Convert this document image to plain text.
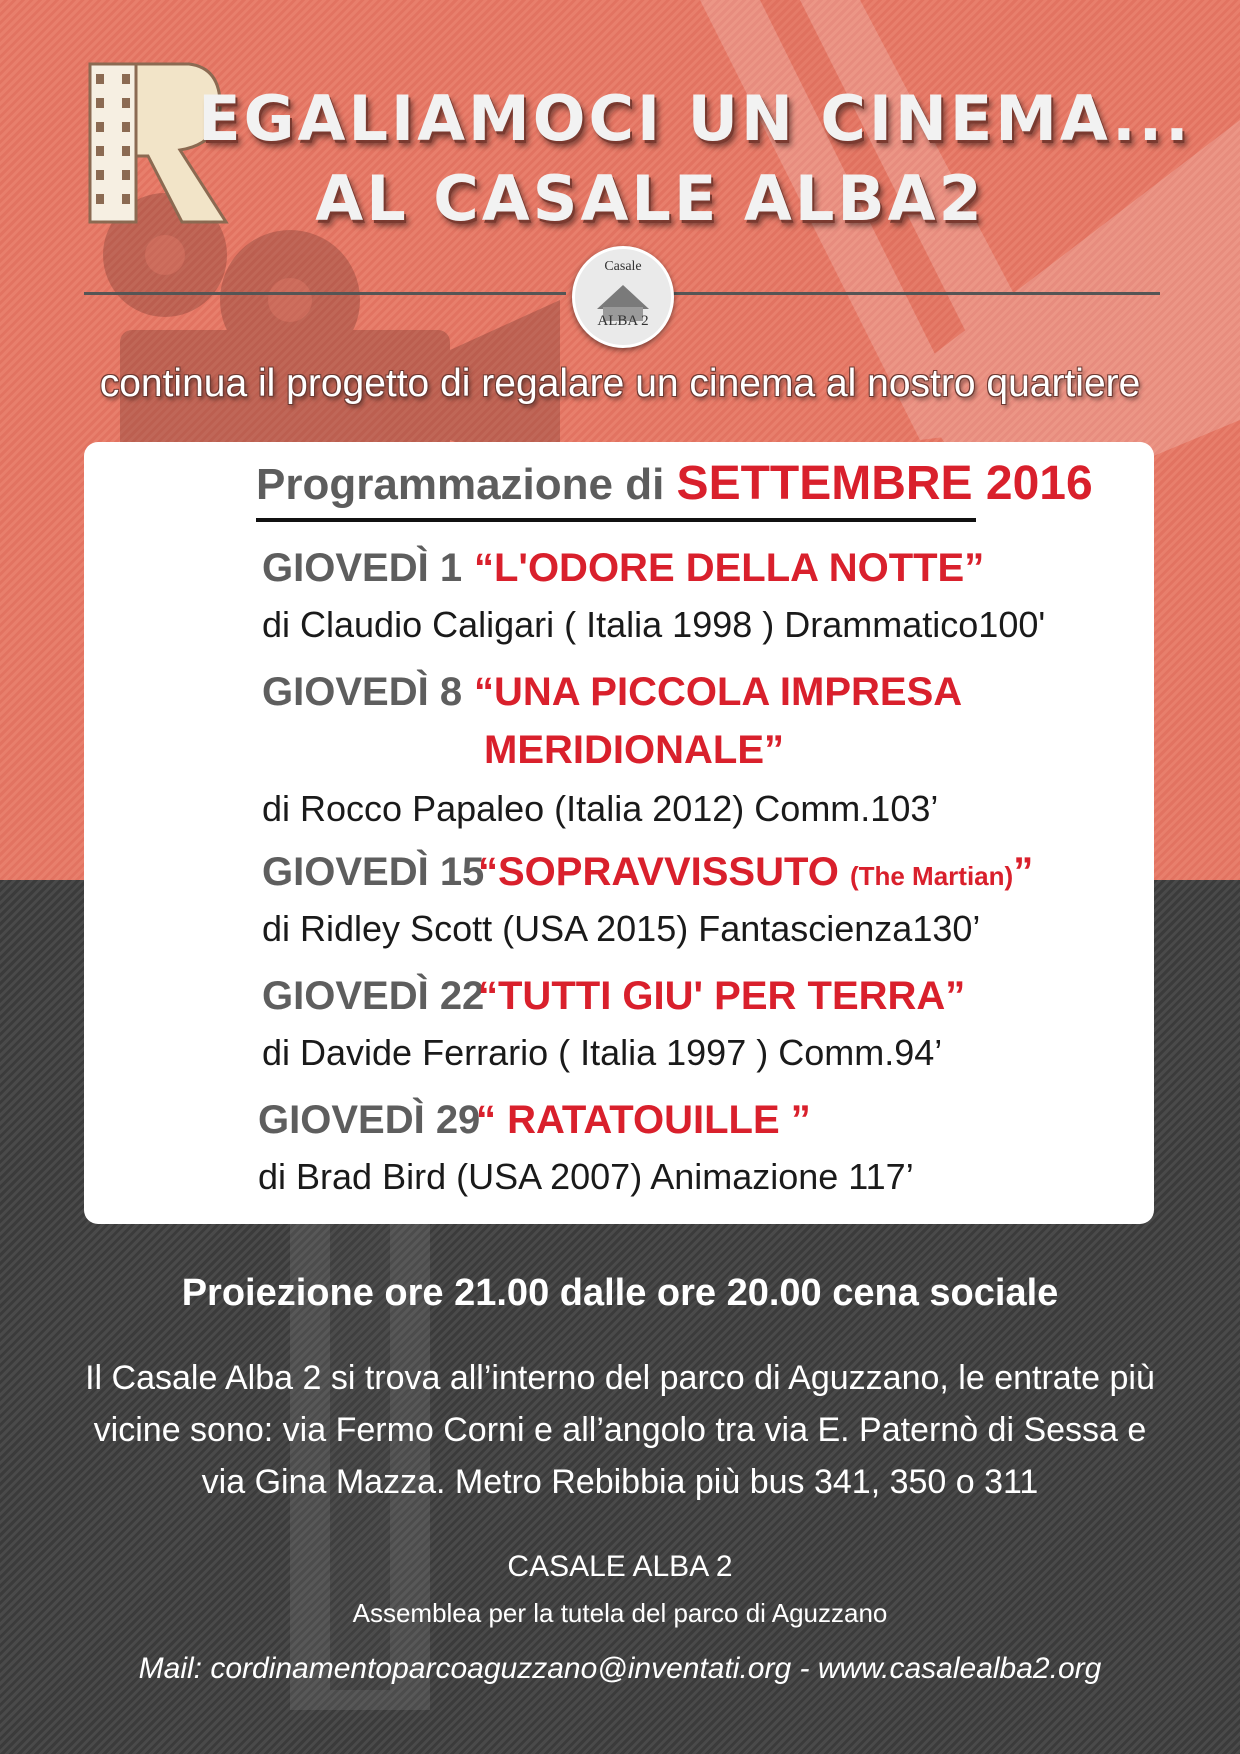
R
EGALIAMOCI UN CINEMA...
AL CASALE ALBA2
Casale
ALBA 2
continua il progetto di regalare un cinema al nostro quartiere
Programmazione di SETTEMBRE 2016
GIOVEDÌ 1 “L'ODORE DELLA NOTTE”
di Claudio Caligari ( Italia 1998 ) Drammatico100'
GIOVEDÌ 8 “UNA PICCOLA IMPRESA
MERIDIONALE”
di Rocco Papaleo (Italia 2012) Comm.103’
GIOVEDÌ 15
“SOPRAVVISSUTO (The Martian)”
di Ridley Scott (USA 2015) Fantascienza130’
GIOVEDÌ 22
“TUTTI GIU' PER TERRA”
di Davide Ferrario ( Italia 1997 ) Comm.94’
GIOVEDÌ 29
“ RATATOUILLE ”
di Brad Bird (USA 2007) Animazione 117’
Proiezione ore 21.00 dalle ore 20.00 cena sociale
Il Casale Alba 2 si trova all’interno del parco di Aguzzano, le entrate più
vicine sono: via Fermo Corni e all’angolo tra via E. Paternò di Sessa e
via Gina Mazza. Metro Rebibbia più bus 341, 350 o 311
CASALE ALBA 2
Assemblea per la tutela del parco di Aguzzano
Mail: cordinamentoparcoaguzzano@inventati.org - www.casalealba2.org
